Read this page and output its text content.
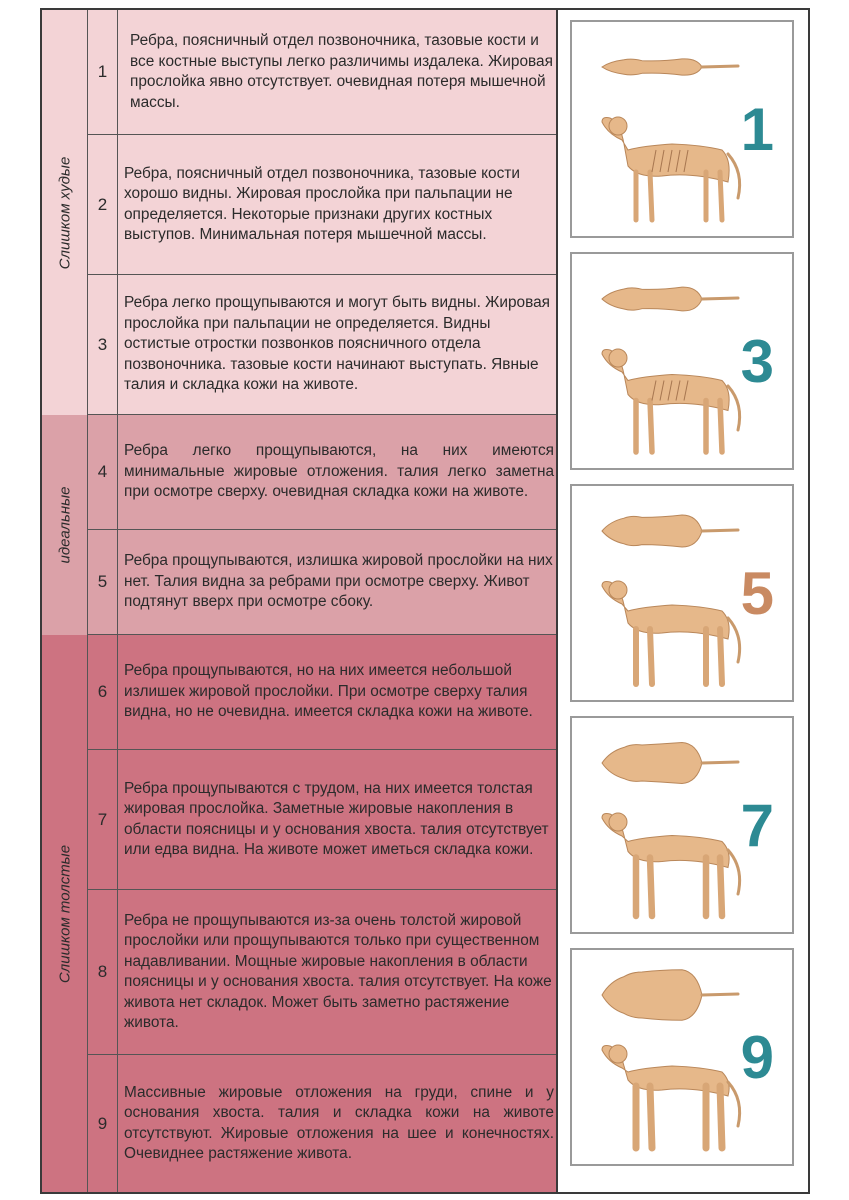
Слишком худые
идеальные
Слишком толстые
1
Ребра, поясничный отдел позвоночника, тазовые кости и все костные выступы легко различимы издалека. Жировая прослойка явно отсутствует. очевидная потеря мышечной массы.
2
Ребра, поясничный отдел позвоночника, тазовые кости хорошо видны. Жировая прослойка при пальпации не определяется. Некоторые признаки других костных выступов. Минимальная потеря мышечной массы.
3
Ребра легко прощупываются и могут быть видны. Жировая прослойка при пальпации не определяется. Видны остистые отростки позвонков поясничного отдела позвоночника. тазовые кости начинают выступать. Явные талия и складка кожи на животе.
4
Ребра легко прощупываются, на них имеются минимальные жировые отложения. талия легко заметна при осмотре сверху. очевидная складка кожи на животе.
5
Ребра прощупываются, излишка жировой прослойки на них нет. Талия видна за ребрами при осмотре сверху. Живот подтянут вверх при осмотре сбоку.
6
Ребра прощупываются, но на них имеется небольшой излишек жировой прослойки. При осмотре сверху талия видна, но не очевидна. имеется складка кожи на животе.
7
Ребра прощупываются с трудом, на них имеется толстая жировая прослойка. Заметные жировые накопления в области поясницы и у основания хвоста. талия отсутствует или едва видна. На животе может иметься складка кожи.
8
Ребра не прощупываются из-за очень толстой жировой прослойки или прощупываются только при существенном надавливании. Мощные жировые накопления в области поясницы и у основания хвоста. талия отсутствует. На коже живота нет складок. Может быть заметно растяжение живота.
9
Массивные жировые отложения на груди, спине и у основания хвоста. талия и складка кожи на животе отсутствуют. Жировые отложения на шее и конечностях. Очевиднее растяжение живота.
1
3
5
7
9
